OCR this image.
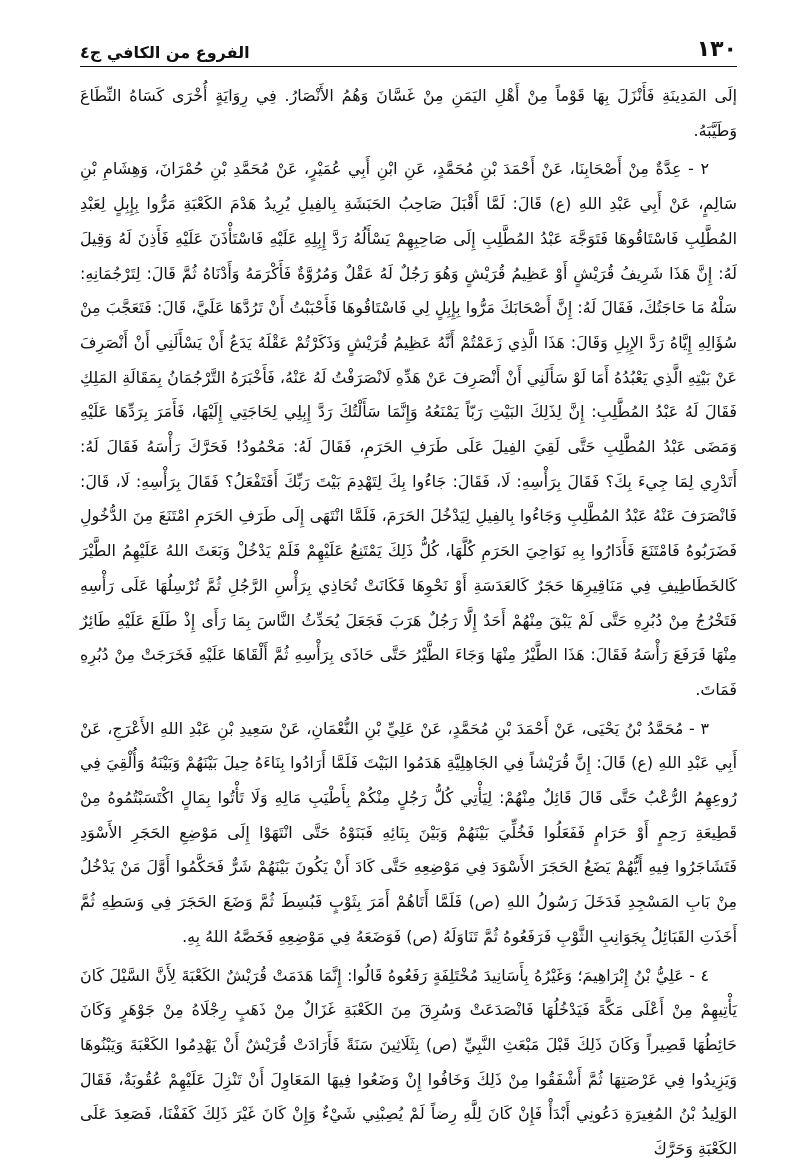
١٣٠
الفروع من الكافي ج٤

إلَى المَدِينَةِ فَأَنْزَلَ بِهَا قَوْماً مِنْ أَهْلِ اليَمَنِ مِنْ غَسَّانَ وَهُمُ الأَنْصَارُ. فِي رِوَايَةٍ أُخْرَى كَسَاهُ النِّطَاعَ وَطَيَّبَهُ.

٢ - عِدَّةٌ مِنْ أَصْحَابِنَا، عَنْ أَحْمَدَ بْنِ مُحَمَّدٍ، عَنِ ابْنِ أَبِي عُمَيْرٍ، عَنْ مُحَمَّدِ بْنِ حُمْرَانَ، وَهِشَامِ بْنِ سَالِمٍ، عَنْ أَبِي عَبْدِ اللهِ (ع) قَالَ: لَمَّا أَقْبَلَ صَاحِبُ الحَبَشَةِ بِالفِيلِ يُرِيدُ هَدْمَ الكَعْبَةِ مَرُّوا بِإِبِلٍ لِعَبْدِ المُطَّلِبِ فَاسْتَاقُوهَا فَتَوَجَّهَ عَبْدُ المُطَّلِبِ إِلَى صَاحِبِهِمْ يَسْأَلُهُ رَدَّ إِبِلِهِ عَلَيْهِ فَاسْتَأْذَنَ عَلَيْهِ فَأَذِنَ لَهُ وَقِيلَ لَهُ: إِنَّ هَذَا شَرِيفُ قُرَيْشٍ أَوْ عَظِيمُ قُرَيْشٍ وَهُوَ رَجُلٌ لَهُ عَقْلٌ وَمُرُوَّةٌ فَأَكْرَمَهُ وَأَدْنَاهُ ثُمَّ قَالَ: لِتَرْجُمَانِهِ: سَلْهُ مَا حَاجَتُكَ، فَقَالَ لَهُ: إِنَّ أَصْحَابَكَ مَرُّوا بِإِبِلٍ لِي فَاسْتَاقُوهَا فَأَحْبَبْتُ أَنْ تَرُدَّهَا عَلَيَّ، قَالَ: فَتَعَجَّبَ مِنْ سُؤَالِهِ إِيَّاهُ رَدَّ الإِبِلِ وَقَالَ: هَذَا الَّذِي زَعَمْتُمْ أَنَّهُ عَظِيمُ قُرَيْشٍ وَذَكَرْتُمْ عَقْلَهُ يَدَعُ أَنْ يَسْأَلَنِي أَنْ أَنْصَرِفَ عَنْ بَيْتِهِ الَّذِي يَعْبُدُهُ أَمَا لَوْ سَأَلَنِي أَنْ أَنْصَرِفَ عَنْ هَدِّهِ لَانْصَرَفْتُ لَهُ عَنْهُ، فَأَخْبَرَهُ التَّرْجُمَانُ بِمَقَالَةِ المَلِكِ فَقَالَ لَهُ عَبْدُ المُطَّلِبِ: إِنَّ لِذَلِكَ البَيْتِ رَبّاً يَمْنَعُهُ وَإِنَّمَا سَأَلْتُكَ رَدَّ إِبِلِي لِحَاجَتِي إِلَيْهَا، فَأَمَرَ بِرَدِّهَا عَلَيْهِ وَمَضَى عَبْدُ المُطَّلِبِ حَتَّى لَقِيَ الفِيلَ عَلَى طَرَفِ الحَرَمِ، فَقَالَ لَهُ: مَحْمُودُ! فَحَرَّكَ رَأْسَهُ فَقَالَ لَهُ: أَتَدْرِي لِمَا جِيءَ بِكَ؟ فَقَالَ بِرَأْسِهِ: لَا، فَقَالَ: جَاءُوا بِكَ لِتَهْدِمَ بَيْتَ رَبِّكَ أَفَتَفْعَلُ؟ فَقَالَ بِرَأْسِهِ: لَا، قَالَ: فَانْصَرَفَ عَنْهُ عَبْدُ المُطَّلِبِ وَجَاءُوا بِالفِيلِ لِيَدْخُلَ الحَرَمَ، فَلَمَّا انْتَهَى إِلَى طَرَفِ الحَرَمِ امْتَنَعَ مِنَ الدُّخُولِ فَضَرَبُوهُ فَامْتَنَعَ فَأَدَارُوا بِهِ نَوَاحِيَ الحَرَمِ كُلَّهَا، كُلُّ ذَلِكَ يَمْتَنِعُ عَلَيْهِمْ فَلَمْ يَدْخُلْ وَبَعَثَ اللهُ عَلَيْهِمُ الطَّيْرَ كَالخَطَاطِيفِ فِي مَنَاقِيرِهَا حَجَرٌ كَالعَدَسَةِ أَوْ نَحْوِهَا فَكَانَتْ تُحَاذِي بِرَأْسِ الرَّجُلِ ثُمَّ تُرْسِلُهَا عَلَى رَأْسِهِ فَتَخْرُجُ مِنْ دُبُرِهِ حَتَّى لَمْ يَبْقَ مِنْهُمْ أَحَدٌ إِلَّا رَجُلٌ هَرَبَ فَجَعَلَ يُحَدِّثُ النَّاسَ بِمَا رَأَى إِذْ طَلَعَ عَلَيْهِ طَائِرٌ مِنْهَا فَرَفَعَ رَأْسَهُ فَقَالَ: هَذَا الطَّيْرُ مِنْهَا وَجَاءَ الطَّيْرُ حَتَّى حَاذَى بِرَأْسِهِ ثُمَّ أَلْقَاهَا عَلَيْهِ فَخَرَجَتْ مِنْ دُبُرِهِ فَمَاتَ.

٣ - مُحَمَّدُ بْنُ يَحْيَى، عَنْ أَحْمَدَ بْنِ مُحَمَّدٍ، عَنْ عَلِيِّ بْنِ النُّعْمَانِ، عَنْ سَعِيدِ بْنِ عَبْدِ اللهِ الأَعْرَجِ، عَنْ أَبِي عَبْدِ اللهِ (ع) قَالَ: إِنَّ قُرَيْشاً فِي الجَاهِلِيَّةِ هَدَمُوا البَيْتَ فَلَمَّا أَرَادُوا بِنَاءَهُ حِيلَ بَيْنَهُمْ وَبَيْنَهُ وَأُلْقِيَ فِي رُوعِهِمُ الرُّعْبُ حَتَّى قَالَ قَائِلٌ مِنْهُمْ: لِيَأْتِي كُلُّ رَجُلٍ مِنْكُمْ بِأَطْيَبِ مَالِهِ وَلَا تَأْتُوا بِمَالٍ اكْتَسَبْتُمُوهُ مِنْ قَطِيعَةِ رَحِمٍ أَوْ حَرَامٍ فَفَعَلُوا فَخُلِّيَ بَيْنَهُمْ وَبَيْنَ بِنَائِهِ فَبَنَوْهُ حَتَّى انْتَهَوْا إِلَى مَوْضِعِ الحَجَرِ الأَسْوَدِ فَتَشَاجَرُوا فِيهِ أَيُّهُمْ يَضَعُ الحَجَرَ الأَسْوَدَ فِي مَوْضِعِهِ حَتَّى كَادَ أَنْ يَكُونَ بَيْنَهُمْ شَرٌّ فَحَكَّمُوا أَوَّلَ مَنْ يَدْخُلُ مِنْ بَابِ المَسْجِدِ فَدَخَلَ رَسُولُ اللهِ (ص) فَلَمَّا أَتَاهُمْ أَمَرَ بِثَوْبٍ فَبُسِطَ ثُمَّ وَضَعَ الحَجَرَ فِي وَسَطِهِ ثُمَّ أَخَذَتِ القَبَائِلُ بِجَوَانِبِ الثَّوْبِ فَرَفَعُوهُ ثُمَّ تَنَاوَلَهُ (ص) فَوَضَعَهُ فِي مَوْضِعِهِ فَخَصَّهُ اللهُ بِهِ.

٤ - عَلِيُّ بْنُ إِبْرَاهِيمَ؛ وَغَيْرُهُ بِأَسَانِيدَ مُخْتَلِفَةٍ رَفَعُوهُ قَالُوا: إِنَّمَا هَدَمَتْ قُرَيْشٌ الكَعْبَةَ لِأَنَّ السَّيْلَ كَانَ يَأْتِيهِمْ مِنْ أَعْلَى مَكَّةَ فَيَدْخُلُهَا فَانْصَدَعَتْ وَسُرِقَ مِنَ الكَعْبَةِ غَزَالٌ مِنْ ذَهَبٍ رِجْلَاهُ مِنْ جَوْهَرٍ وَكَانَ حَائِطُهَا قَصِيراً وَكَانَ ذَلِكَ قَبْلَ مَبْعَثِ النَّبِيِّ (ص) بِثَلَاثِينَ سَنَةً فَأَرَادَتْ قُرَيْشٌ أَنْ يَهْدِمُوا الكَعْبَةَ وَيَبْنُوهَا وَيَزِيدُوا فِي عَرْصَتِهَا ثُمَّ أَشْفَقُوا مِنْ ذَلِكَ وَخَافُوا إِنْ وَضَعُوا فِيهَا المَعَاوِلَ أَنْ تَنْزِلَ عَلَيْهِمْ عُقُوبَةٌ، فَقَالَ الوَلِيدُ بْنُ المُغِيرَةِ دَعُونِي أَبْدَأْ فَإِنْ كَانَ لِلَّهِ رِضاً لَمْ يُصِبْنِي شَيْءٌ وَإِنْ كَانَ غَيْرَ ذَلِكَ كَفَفْنَا، فَصَعِدَ عَلَى الكَعْبَةِ وَحَرَّكَ
